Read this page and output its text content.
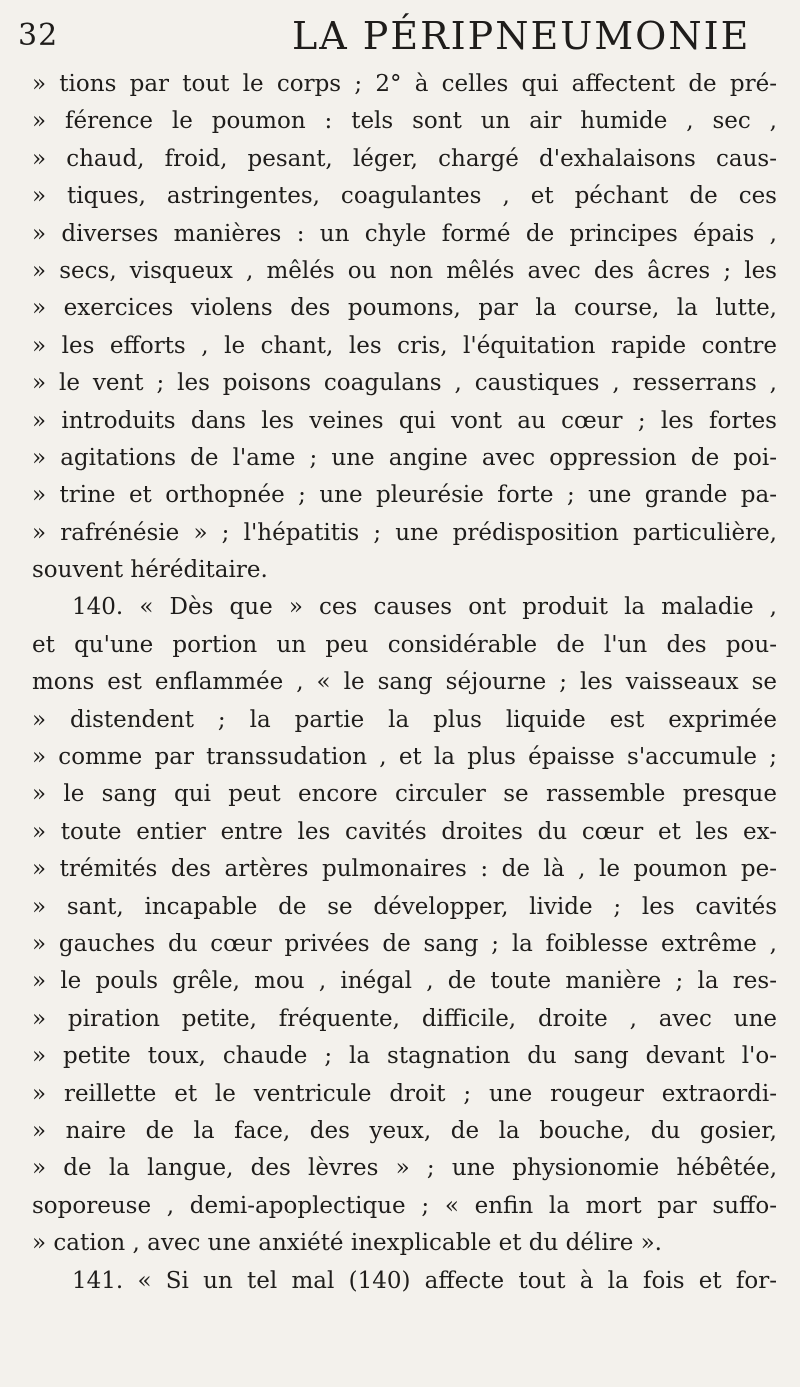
32	LA PÉRIPNEUMONIE
» tions par tout le corps ; 2° à celles qui affectent de pré-
» férence le poumon : tels sont un air humide , sec ,
» chaud, froid, pesant, léger, chargé d'exhalaisons caus-
» tiques, astringentes, coagulantes , et péchant de ces
» diverses manières : un chyle formé de principes épais ,
» secs, visqueux , mêlés ou non mêlés avec des âcres ; les
» exercices violens des poumons, par la course, la lutte,
» les efforts , le chant, les cris, l'équitation rapide contre
» le vent ; les poisons coagulans , caustiques , resserrans ,
» introduits dans les veines qui vont au cœur ; les fortes
» agitations de l'ame ; une angine avec oppression de poi-
» trine et orthopnée ; une pleurésie forte ; une grande pa-
» rafrénésie » ; l'hépatitis ; une prédisposition particulière,
souvent héréditaire.
140. « Dès que » ces causes ont produit la maladie ,
et qu'une portion un peu considérable de l'un des pou-
mons est enflammée , « le sang séjourne ; les vaisseaux se
» distendent ; la partie la plus liquide est exprimée
» comme par transsudation , et la plus épaisse s'accumule ;
» le sang qui peut encore circuler se rassemble presque
» toute entier entre les cavités droites du cœur et les ex-
» trémités des artères pulmonaires : de là , le poumon pe-
» sant, incapable de se développer, livide ; les cavités
» gauches du cœur privées de sang ; la foiblesse extrême ,
» le pouls grêle, mou , inégal , de toute manière ; la res-
» piration petite, fréquente, difficile, droite , avec une
» petite toux, chaude ; la stagnation du sang devant l'o-
» reillette et le ventricule droit ; une rougeur extraordi-
» naire de la face, des yeux, de la bouche, du gosier,
» de la langue, des lèvres » ; une physionomie hébêtée,
soporeuse , demi-apoplectique ; « enfin la mort par suffo-
» cation , avec une anxiété inexplicable et du délire ».
141. « Si un tel mal (140) affecte tout à la fois et for-
